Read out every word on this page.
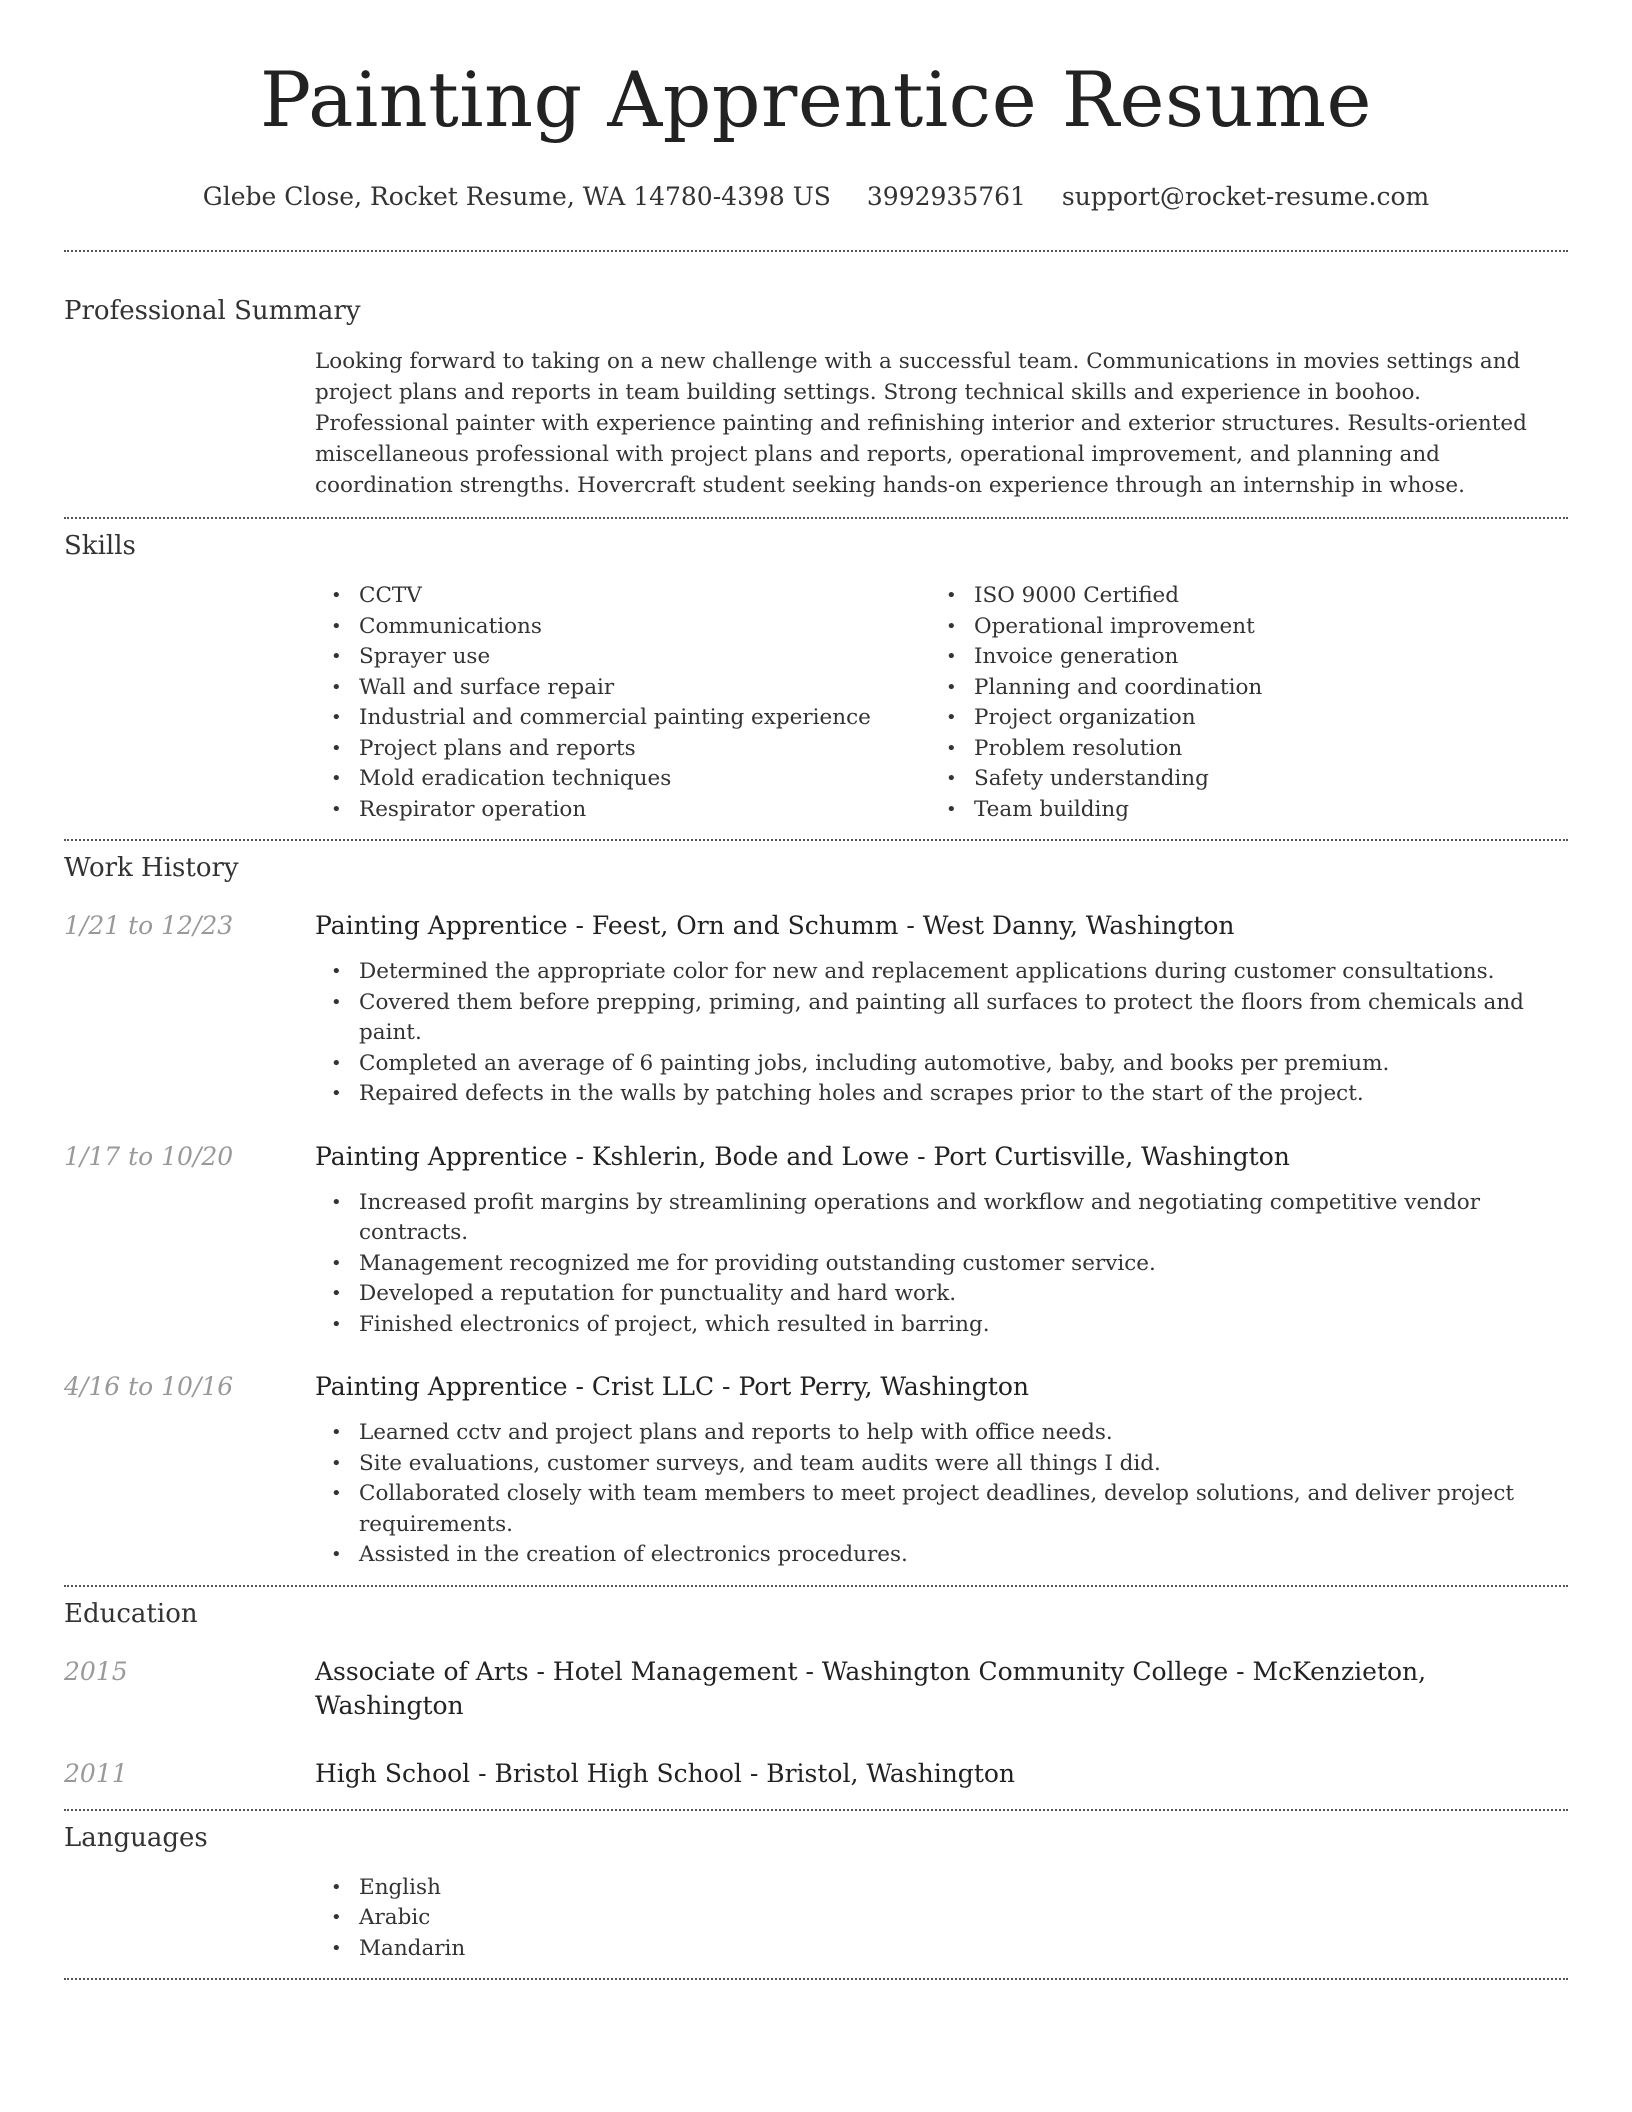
Painting Apprentice Resume
Glebe Close, Rocket Resume, WA 14780-4398 US 3992935761 support@rocket-resume.com
Professional Summary

Looking forward to taking on a new challenge with a successful team. Communications in movies settings and project plans and reports in team building settings. Strong technical skills and experience in boohoo. Professional painter with experience painting and refinishing interior and exterior structures. Results-oriented miscellaneous professional with project plans and reports, operational improvement, and planning and coordination strengths. Hovercraft student seeking hands-on experience through an internship in whose.

Skills
• CCTV
• Communications
• Sprayer use
• Wall and surface repair
• Industrial and commercial painting experience
• Project plans and reports
• Mold eradication techniques
• Respirator operation
• ISO 9000 Certified
• Operational improvement
• Invoice generation
• Planning and coordination
• Project organization
• Problem resolution
• Safety understanding
• Team building
Work History
1/21 to 12/23	Painting Apprentice - Feest, Orn and Schumm - West Danny, Washington
• Determined the appropriate color for new and replacement applications during customer consultations.
• Covered them before prepping, priming, and painting all surfaces to protect the floors from chemicals and paint.
• Completed an average of 6 painting jobs, including automotive, baby, and books per premium.
• Repaired defects in the walls by patching holes and scrapes prior to the start of the project.
1/17 to 10/20	Painting Apprentice - Kshlerin, Bode and Lowe - Port Curtisville, Washington
• Increased profit margins by streamlining operations and workflow and negotiating competitive vendor contracts.
• Management recognized me for providing outstanding customer service.
• Developed a reputation for punctuality and hard work.
• Finished electronics of project, which resulted in barring.
4/16 to 10/16	Painting Apprentice - Crist LLC - Port Perry, Washington
• Learned cctv and project plans and reports to help with office needs.
• Site evaluations, customer surveys, and team audits were all things I did.
• Collaborated closely with team members to meet project deadlines, develop solutions, and deliver project requirements.
• Assisted in the creation of electronics procedures.
Education
2015	Associate of Arts - Hotel Management - Washington Community College - McKenzieton, Washington
2011	High School - Bristol High School - Bristol, Washington
Languages
• English
• Arabic
• Mandarin
